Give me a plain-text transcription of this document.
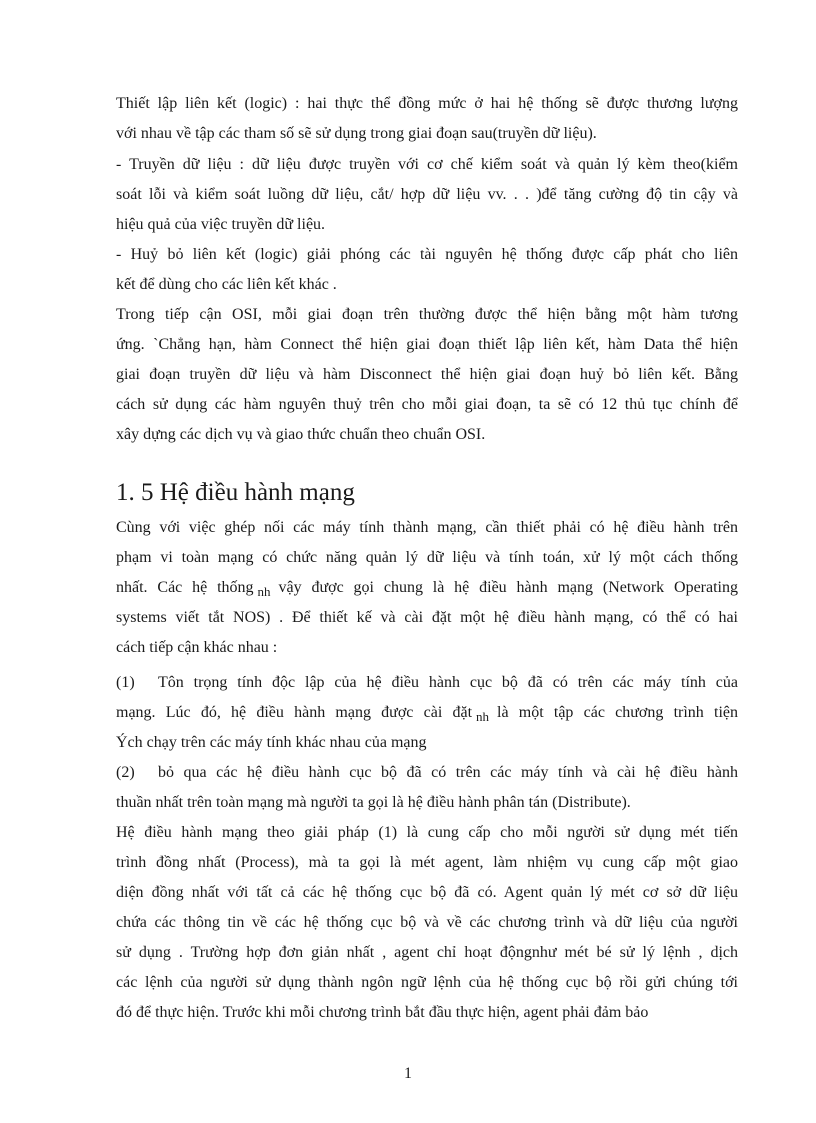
Thiết lập liên kết (logic) : hai thực thể đồng mức ở hai hệ thống sẽ được thương lượng
với nhau về tập các tham số sẽ sử dụng trong giai đoạn sau(truyền dữ liệu).
- Truyền dữ liệu : dữ liệu được truyền với cơ chế kiểm soát và quản lý kèm theo(kiểm
soát lỗi và kiểm soát luồng dữ liệu, cắt/ hợp dữ liệu vv. . . )để tăng cường độ tin cậy và
hiệu quả của việc truyền dữ liệu.
- Huỷ bỏ liên kết (logic) giải phóng các tài nguyên hệ thống được cấp phát cho liên
kết để dùng cho các liên kết khác .
Trong tiếp cận OSI, mỗi giai đoạn trên thường được thể hiện bằng một hàm tương
ứng. `Chẳng hạn, hàm Connect thể hiện giai đoạn thiết lập liên kết, hàm Data thể hiện
giai đoạn truyền dữ liệu và hàm Disconnect thể hiện giai đoạn huỷ bỏ liên kết. Bằng
cách sử dụng các hàm nguyên thuỷ trên cho mỗi giai đoạn, ta sẽ có 12 thủ tục chính để
xây dựng các dịch vụ và giao thức chuẩn theo chuẩn OSI.
1. 5 Hệ điều hành mạng
Cùng với việc ghép nối các máy tính thành mạng, cần thiết phải có hệ điều hành trên
phạm vi toàn mạng có chức năng quản lý dữ liệu và tính toán, xử lý một cách thống
nhất. Các hệ thống $_{nh}$ vậy được gọi chung là hệ điều hành mạng (Network Operating
systems viết tắt NOS) . Để thiết kế và cài đặt một hệ điều hành mạng, có thể có hai
cách tiếp cận khác nhau :
(1) Tôn trọng tính độc lập của hệ điều hành cục bộ đã có trên các máy tính của
mạng. Lúc đó, hệ điều hành mạng được cài đặt $_{nh}$ là một tập các chương trình tiện
Ých chạy trên các máy tính khác nhau của mạng
(2) bỏ qua các hệ điều hành cục bộ đã có trên các máy tính và cài hệ điều hành
thuần nhất trên toàn mạng mà người ta gọi là hệ điều hành phân tán (Distribute).
Hệ điều hành mạng theo giải pháp (1) là cung cấp cho mỗi người sử dụng mét tiến
trình đồng nhất (Process), mà ta gọi là mét agent, làm nhiệm vụ cung cấp một giao
diện đồng nhất với tất cả các hệ thống cục bộ đã có. Agent quản lý mét cơ sở dữ liệu
chứa các thông tin về các hệ thống cục bộ và về các chương trình và dữ liệu của người
sử dụng . Trường hợp đơn giản nhất , agent chỉ hoạt độngnhư mét bé sử lý lệnh , dịch
các lệnh của người sử dụng thành ngôn ngữ lệnh của hệ thống cục bộ rồi gửi chúng tới
đó để thực hiện. Trước khi mỗi chương trình bắt đầu thực hiện, agent phải đảm bảo
1
